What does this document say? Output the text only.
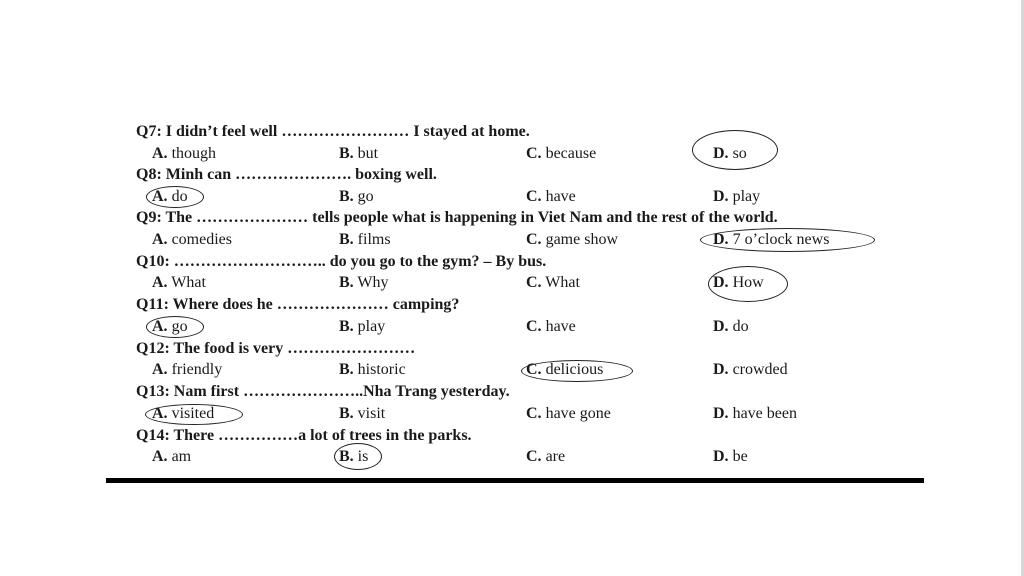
Q7: I didn’t feel well …………………… I stayed at home.
A. though	B. but	C. because	D. so
Q8: Minh can …………………. boxing well.
A. do	B. go	C. have	D. play
Q9: The ………………… tells people what is happening in Viet Nam and the rest of the world.
A. comedies	B. films	C. game show	D. 7 o’clock news
Q10: ……………………….. do you go to the gym? – By bus.
A. What	B. Why	C. What	D. How
Q11: Where does he ………………… camping?
A. go	B. play	C. have	D. do
Q12: The food is very ……………………
A. friendly	B. historic	C. delicious	D. crowded
Q13: Nam first …………………..Nha Trang yesterday.
A. visited	B. visit	C. have gone	D. have been
Q14: There ……………a lot of trees in the parks.
A. am	B. is	C. are	D. be
